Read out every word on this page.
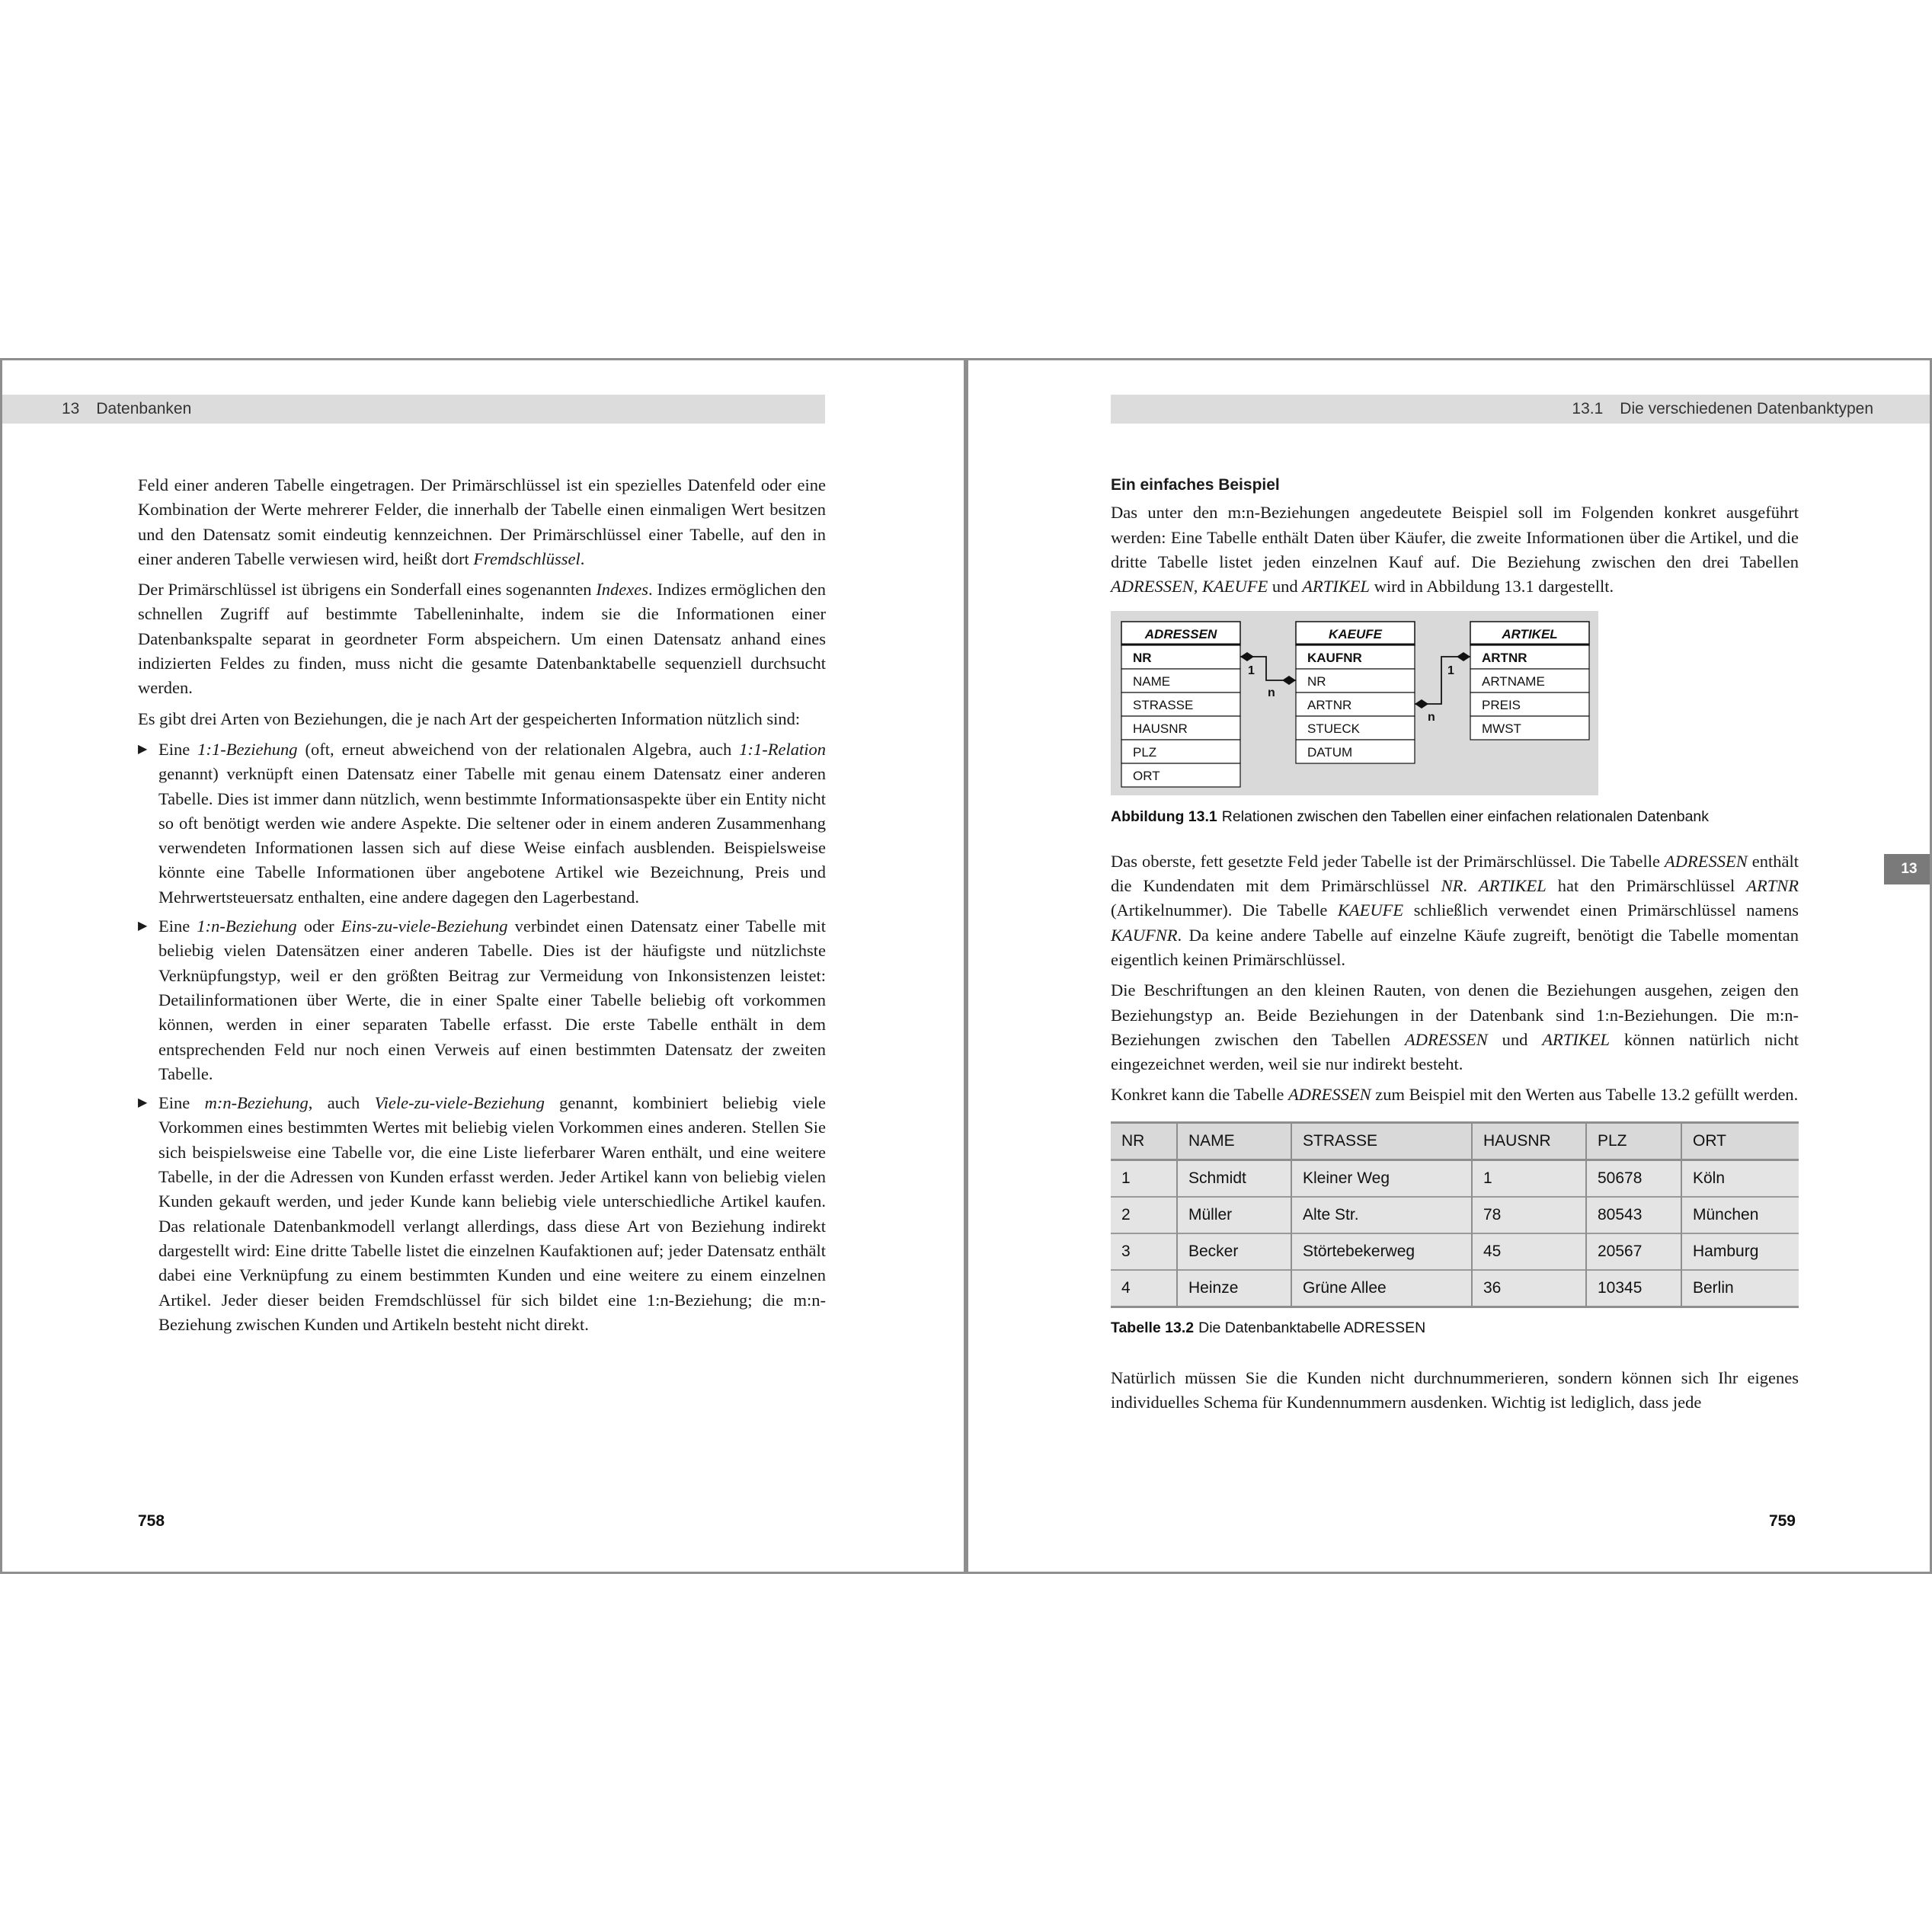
13 Datenbanken

Feld einer anderen Tabelle eingetragen. Der Primärschlüssel ist ein spezielles Datenfeld oder eine Kombination der Werte mehrerer Felder, die innerhalb der Tabelle einen einmaligen Wert besitzen und den Datensatz somit eindeutig kennzeichnen. Der Primärschlüssel einer Tabelle, auf den in einer anderen Tabelle verwiesen wird, heißt dort Fremdschlüssel.

Der Primärschlüssel ist übrigens ein Sonderfall eines sogenannten Indexes. Indizes ermöglichen den schnellen Zugriff auf bestimmte Tabelleninhalte, indem sie die Informationen einer Datenbankspalte separat in geordneter Form abspeichern. Um einen Datensatz anhand eines indizierten Feldes zu finden, muss nicht die gesamte Datenbanktabelle sequenziell durchsucht werden.

Es gibt drei Arten von Beziehungen, die je nach Art der gespeicherten Information nützlich sind:

▶ Eine 1:1-Beziehung (oft, erneut abweichend von der relationalen Algebra, auch 1:1-Relation genannt) verknüpft einen Datensatz einer Tabelle mit genau einem Datensatz einer anderen Tabelle. Dies ist immer dann nützlich, wenn bestimmte Informationsaspekte über ein Entity nicht so oft benötigt werden wie andere Aspekte. Die seltener oder in einem anderen Zusammenhang verwendeten Informationen lassen sich auf diese Weise einfach ausblenden. Beispielsweise könnte eine Tabelle Informationen über angebotene Artikel wie Bezeichnung, Preis und Mehrwertsteuersatz enthalten, eine andere dagegen den Lagerbestand.
▶ Eine 1:n-Beziehung oder Eins-zu-viele-Beziehung verbindet einen Datensatz einer Tabelle mit beliebig vielen Datensätzen einer anderen Tabelle. Dies ist der häufigste und nützlichste Verknüpfungstyp, weil er den größten Beitrag zur Vermeidung von Inkonsistenzen leistet: Detailinformationen über Werte, die in einer Spalte einer Tabelle beliebig oft vorkommen können, werden in einer separaten Tabelle erfasst. Die erste Tabelle enthält in dem entsprechenden Feld nur noch einen Verweis auf einen bestimmten Datensatz der zweiten Tabelle.
▶ Eine m:n-Beziehung, auch Viele-zu-viele-Beziehung genannt, kombiniert beliebig viele Vorkommen eines bestimmten Wertes mit beliebig vielen Vorkommen eines anderen. Stellen Sie sich beispielsweise eine Tabelle vor, die eine Liste lieferbarer Waren enthält, und eine weitere Tabelle, in der die Adressen von Kunden erfasst werden. Jeder Artikel kann von beliebig vielen Kunden gekauft werden, und jeder Kunde kann beliebig viele unterschiedliche Artikel kaufen. Das relationale Datenbankmodell verlangt allerdings, dass diese Art von Beziehung indirekt dargestellt wird: Eine dritte Tabelle listet die einzelnen Kaufaktionen auf; jeder Datensatz enthält dabei eine Verknüpfung zu einem bestimmten Kunden und eine weitere zu einem einzelnen Artikel. Jeder dieser beiden Fremdschlüssel für sich bildet eine 1:n-Beziehung; die m:n-Beziehung zwischen Kunden und Artikeln besteht nicht direkt.
758
13.1 Die verschiedenen Datenbanktypen
13
Ein einfaches Beispiel

Das unter den m:n-Beziehungen angedeutete Beispiel soll im Folgenden konkret ausgeführt werden: Eine Tabelle enthält Daten über Käufer, die zweite Informationen über die Artikel, und die dritte Tabelle listet jeden einzelnen Kauf auf. Die Beziehung zwischen den drei Tabellen ADRESSEN, KAEUFE und ARTIKEL wird in Abbildung 13.1 dargestellt.

ADRESSEN
NR
NAME
STRASSE
HAUSNR
PLZ
ORT
KAEUFE
KAUFNR
NR
ARTNR
STUECK
DATUM
ARTIKEL
ARTNR
ARTNAME
PREIS
MWST
1
n
1
n
Abbildung 13.1 Relationen zwischen den Tabellen einer einfachen relationalen Datenbank

Das oberste, fett gesetzte Feld jeder Tabelle ist der Primärschlüssel. Die Tabelle ADRESSEN enthält die Kundendaten mit dem Primärschlüssel NR. ARTIKEL hat den Primärschlüssel ARTNR (Artikelnummer). Die Tabelle KAEUFE schließlich verwendet einen Primärschlüssel namens KAUFNR. Da keine andere Tabelle auf einzelne Käufe zugreift, benötigt die Tabelle momentan eigentlich keinen Primärschlüssel.

Die Beschriftungen an den kleinen Rauten, von denen die Beziehungen ausgehen, zeigen den Beziehungstyp an. Beide Beziehungen in der Datenbank sind 1:n-Beziehungen. Die m:n-Beziehungen zwischen den Tabellen ADRESSEN und ARTIKEL können natürlich nicht eingezeichnet werden, weil sie nur indirekt besteht.

Konkret kann die Tabelle ADRESSEN zum Beispiel mit den Werten aus Tabelle 13.2 gefüllt werden.

NR	NAME	STRASSE	HAUSNR	PLZ	ORT
1	Schmidt	Kleiner Weg	1	50678	Köln
2	Müller	Alte Str.	78	80543	München
3	Becker	Störtebekerweg	45	20567	Hamburg
4	Heinze	Grüne Allee	36	10345	Berlin
Tabelle 13.2 Die Datenbanktabelle ADRESSEN

Natürlich müssen Sie die Kunden nicht durchnummerieren, sondern können sich Ihr eigenes individuelles Schema für Kundennummern ausdenken. Wichtig ist lediglich, dass jede

759
